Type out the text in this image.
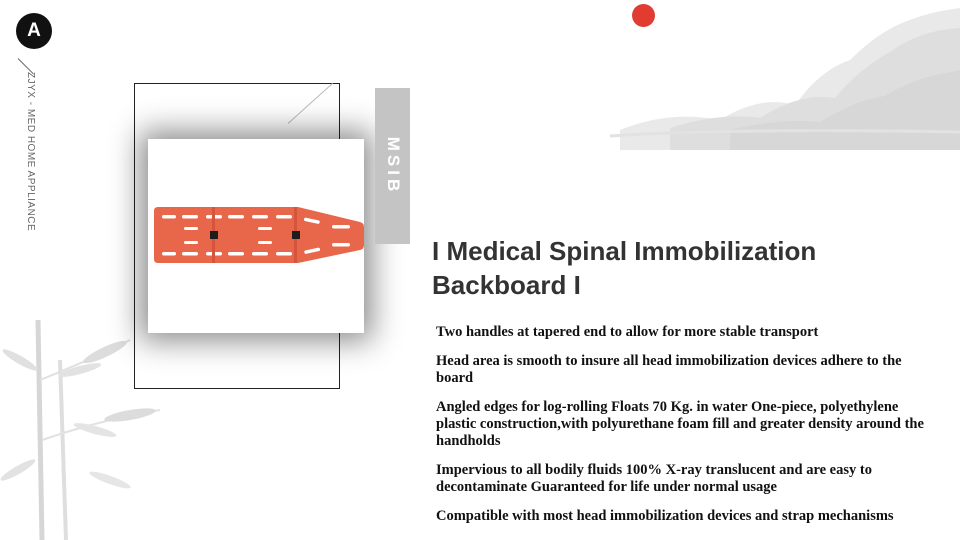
A
ZJYX - MED HOME APPLIANCE	MSIB
I Medical Spinal Immobilization
Backboard I

Two handles at tapered end to allow for more stable transport

Head area is smooth to insure all head immobilization devices adhere to the board

Angled edges for log-rolling Floats 70 Kg. in water One-piece, polyethylene plastic construction,with polyurethane foam fill and greater density around the handholds

Impervious to all bodily fluids 100% X-ray translucent and are easy to decontaminate Guaranteed for life under normal usage

Compatible with most head immobilization devices and strap mechanisms
